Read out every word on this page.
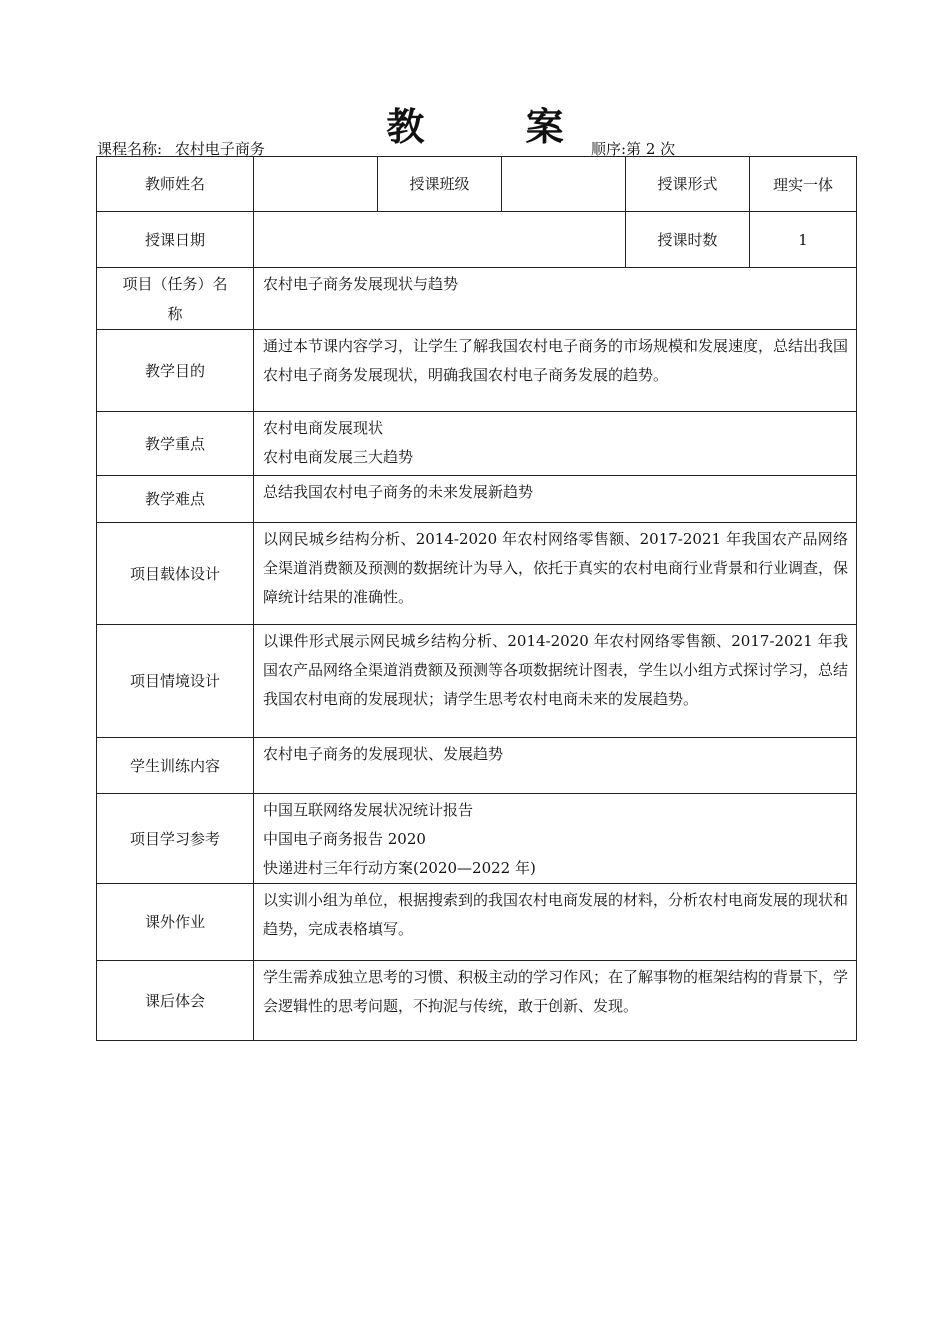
教 案
课程名称: 农村电子商务	顺序:第 2 次
教师姓名		授课班级		授课形式	理实一体
授课日期				授课时数	1

项目（任务）名
称	农村电子商务发展现状与趋势				
教学目的	通过本节课内容学习，让学生了解我国农村电子商务的市场规模和发展速度，总结出我国农村电子商务发展现状，明确我国农村电子商务发展的趋势。				
教学重点	农村电商发展现状
农村电商发展三大趋势				

教学难点	总结我国农村电子商务的未来发展新趋势				
项目载体设计	以网民城乡结构分析、2014-2020 年农村网络零售额、2017-2021 年我国农产品网络全渠道消费额及预测的数据统计为导入，依托于真实的农村电商行业背景和行业调查，保障统计结果的准确性。				
项目情境设计	以课件形式展示网民城乡结构分析、2014-2020 年农村网络零售额、2017-2021 年我国农产品网络全渠道消费额及预测等各项数据统计图表，学生以小组方式探讨学习，总结我国农村电商的发展现状；请学生思考农村电商未来的发展趋势。				
学生训练内容	农村电子商务的发展现状、发展趋势				
项目学习参考	中国互联网络发展状况统计报告
中国电子商务报告 2020
快递进村三年行动方案(2020—2022 年)				

课外作业	以实训小组为单位，根据搜索到的我国农村电商发展的材料，分析农村电商发展的现状和趋势，完成表格填写。				
课后体会	学生需养成独立思考的习惯、积极主动的学习作风；在了解事物的框架结构的背景下，学会逻辑性的思考问题，不拘泥与传统，敢于创新、发现。				
